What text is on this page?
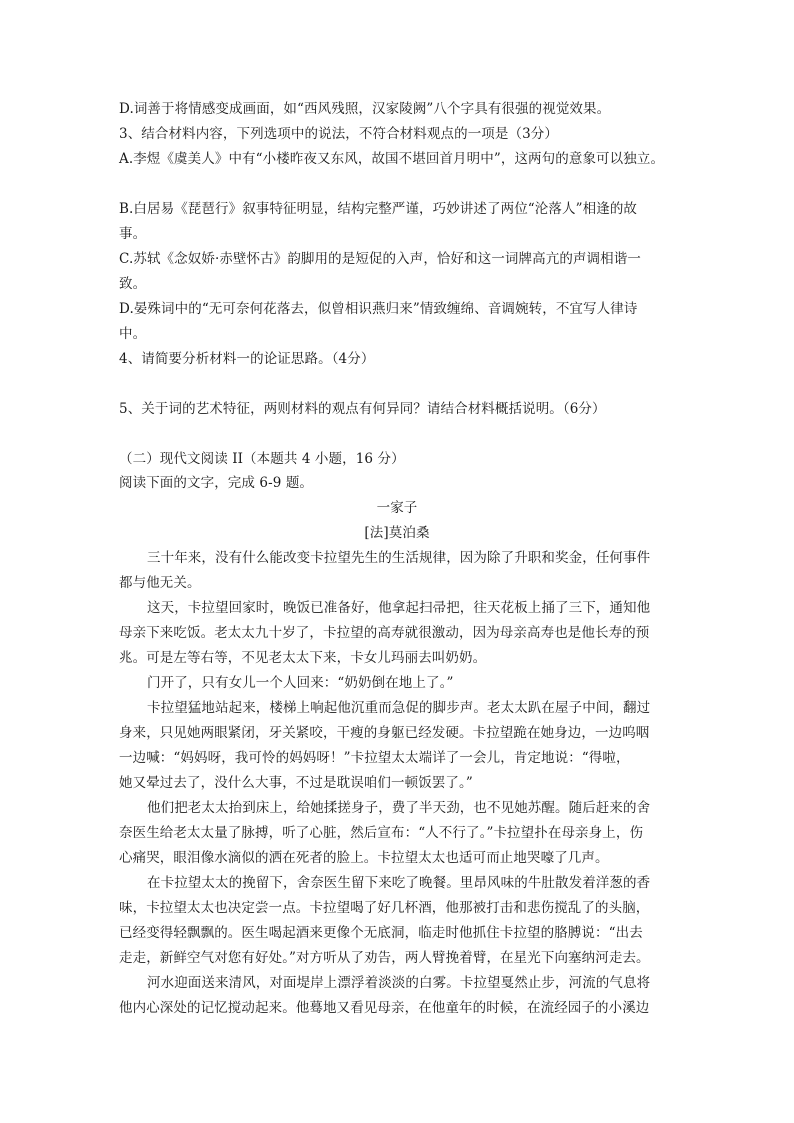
D.词善于将情感变成画面，如“西风残照，汉家陵阙”八个字具有很强的视觉效果。
3、结合材料内容，下列选项中的说法，不符合材料观点的一项是（3分）
A.李煜《虞美人》中有“小楼昨夜又东风，故国不堪回首月明中”，这两句的意象可以独立。
B.白居易《琵琶行》叙事特征明显，结构完整严谨，巧妙讲述了两位“沦落人”相逢的故
事。
C.苏轼《念奴娇·赤壁怀古》韵脚用的是短促的入声，恰好和这一词牌高亢的声调相谐一
致。
D.晏殊词中的“无可奈何花落去，似曾相识燕归来”情致缠绵、音调婉转，不宜写人律诗
中。
4、请简要分析材料一的论证思路。（4分）
5、关于词的艺术特征，两则材料的观点有何异同？请结合材料概括说明。（6分）
（二）现代文阅读 II（本题共 4 小题，16 分）
阅读下面的文字，完成 6-9 题。
一家子
[法]莫泊桑
三十年来，没有什么能改变卡拉望先生的生活规律，因为除了升职和奖金，任何事件
都与他无关。
这天，卡拉望回家时，晚饭已准备好，他拿起扫帚把，往天花板上捅了三下，通知他
母亲下来吃饭。老太太九十岁了，卡拉望的高寿就很激动，因为母亲高寿也是他长寿的预
兆。可是左等右等，不见老太太下来，卡女儿玛丽去叫奶奶。
门开了，只有女儿一个人回来：“奶奶倒在地上了。”
卡拉望猛地站起来，楼梯上响起他沉重而急促的脚步声。老太太趴在屋子中间，翻过
身来，只见她两眼紧闭，牙关紧咬，干瘦的身躯已经发硬。卡拉望跪在她身边，一边呜咽
一边喊：“妈妈呀，我可怜的妈妈呀！”卡拉望太太端详了一会儿，肯定地说：“得啦，
她又晕过去了，没什么大事，不过是耽误咱们一顿饭罢了。”
他们把老太太抬到床上，给她揉搓身子，费了半天劲，也不见她苏醒。随后赶来的舍
奈医生给老太太量了脉搏，听了心脏，然后宣布：“人不行了。”卡拉望扑在母亲身上，伤
心痛哭，眼泪像水滴似的洒在死者的脸上。卡拉望太太也适可而止地哭嚎了几声。
在卡拉望太太的挽留下，舍奈医生留下来吃了晚餐。里昂风味的牛肚散发着洋葱的香
味，卡拉望太太也决定尝一点。卡拉望喝了好几杯酒，他那被打击和悲伤搅乱了的头脑，
已经变得轻飘飘的。医生喝起酒来更像个无底洞，临走时他抓住卡拉望的胳膊说：“出去
走走，新鲜空气对您有好处。”对方听从了劝告，两人臂挽着臂，在星光下向塞纳河走去。
河水迎面送来清风，对面堤岸上漂浮着淡淡的白雾。卡拉望戛然止步，河流的气息将
他内心深处的记忆搅动起来。他蓦地又看见母亲，在他童年的时候，在流经园子的小溪边
